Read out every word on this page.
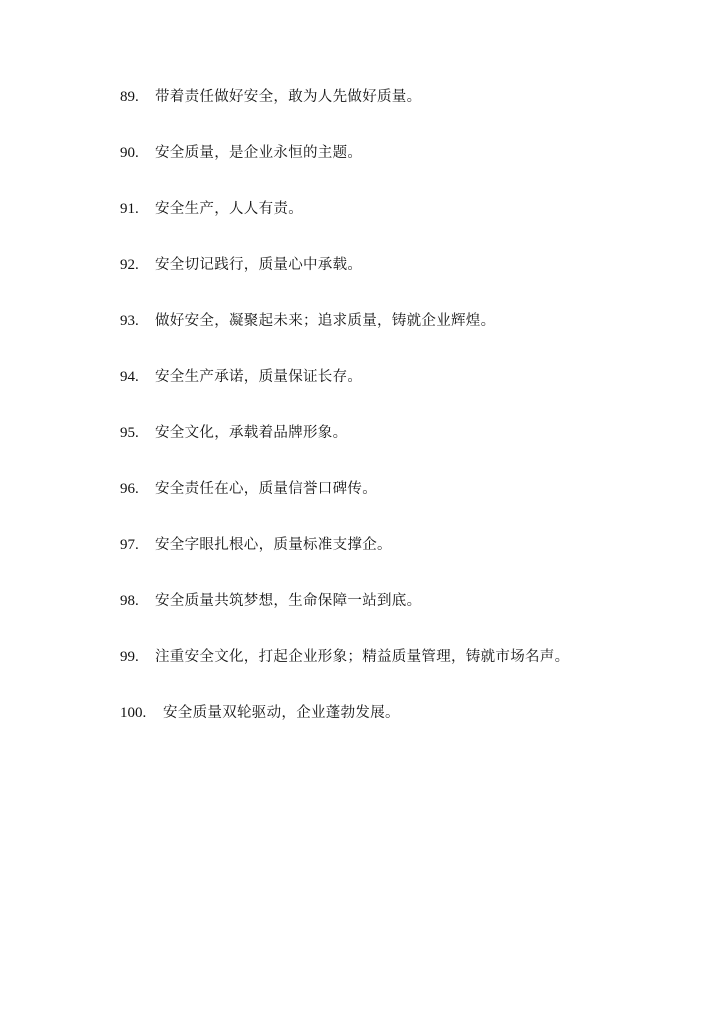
89.	带着责任做好安全，敢为人先做好质量。
90.	安全质量，是企业永恒的主题。
91.	安全生产，人人有责。
92.	安全切记践行，质量心中承载。
93.	做好安全，凝聚起未来；追求质量，铸就企业辉煌。
94.	安全生产承诺，质量保证长存。
95.	安全文化，承载着品牌形象。
96.	安全责任在心，质量信誉口碑传。
97.	安全字眼扎根心，质量标准支撑企。
98.	安全质量共筑梦想，生命保障一站到底。
99.	注重安全文化，打起企业形象；精益质量管理，铸就市场名声。
100.	安全质量双轮驱动，企业蓬勃发展。
